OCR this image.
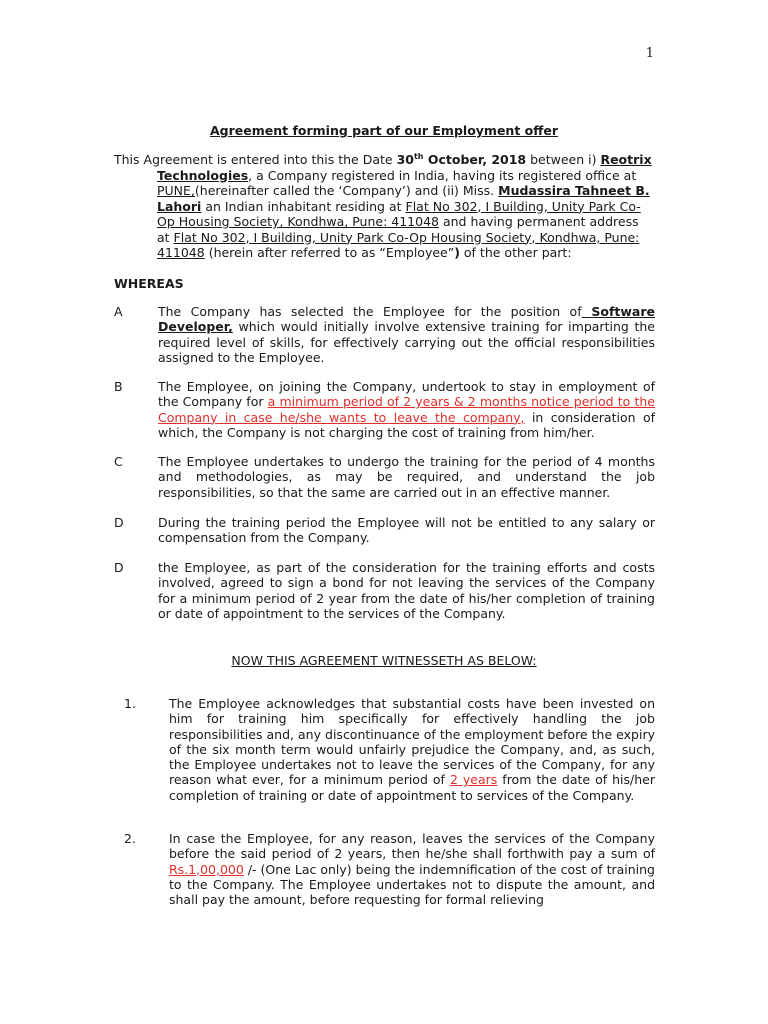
1
Agreement forming part of our Employment offer
This Agreement is entered into this the Date 30th October, 2018 between i) Reotrix Technologies, a Company registered in India, having its registered office at PUNE,(hereinafter called the ‘Company’) and (ii) Miss. Mudassira Tahneet B. Lahori an Indian inhabitant residing at Flat No 302, I Building, Unity Park Co-Op Housing Society, Kondhwa, Pune: 411048 and having permanent address at Flat No 302, I Building, Unity Park Co-Op Housing Society, Kondhwa, Pune: 411048 (herein after referred to as “Employee”) of the other part:
WHEREAS
A	The Company has selected the Employee for the position of Software Developer, which would initially involve extensive training for imparting the required level of skills, for effectively carrying out the official responsibilities assigned to the Employee.
B	The Employee, on joining the Company, undertook to stay in employment of the Company for a minimum period of 2 years & 2 months notice period to the Company in case he/she wants to leave the company, in consideration of which, the Company is not charging the cost of training from him/her.
C	The Employee undertakes to undergo the training for the period of 4 months and methodologies, as may be required, and understand the job responsibilities, so that the same are carried out in an effective manner.
D	During the training period the Employee will not be entitled to any salary or compensation from the Company.
D	the Employee, as part of the consideration for the training efforts and costs involved, agreed to sign a bond for not leaving the services of the Company for a minimum period of 2 year from the date of his/her completion of training or date of appointment to the services of the Company.
NOW THIS AGREEMENT WITNESSETH AS BELOW:
1.	The Employee acknowledges that substantial costs have been invested on him for training him specifically for effectively handling the job responsibilities and, any discontinuance of the employment before the expiry of the six month term would unfairly prejudice the Company, and, as such, the Employee undertakes not to leave the services of the Company, for any reason what ever, for a minimum period of 2 years from the date of his/her completion of training or date of appointment to services of the Company.
2.	In case the Employee, for any reason, leaves the services of the Company before the said period of 2 years, then he/she shall forthwith pay a sum of Rs.1,00,000 /- (One Lac only) being the indemnification of the cost of training to the Company. The Employee undertakes not to dispute the amount, and shall pay the amount, before requesting for formal relieving
